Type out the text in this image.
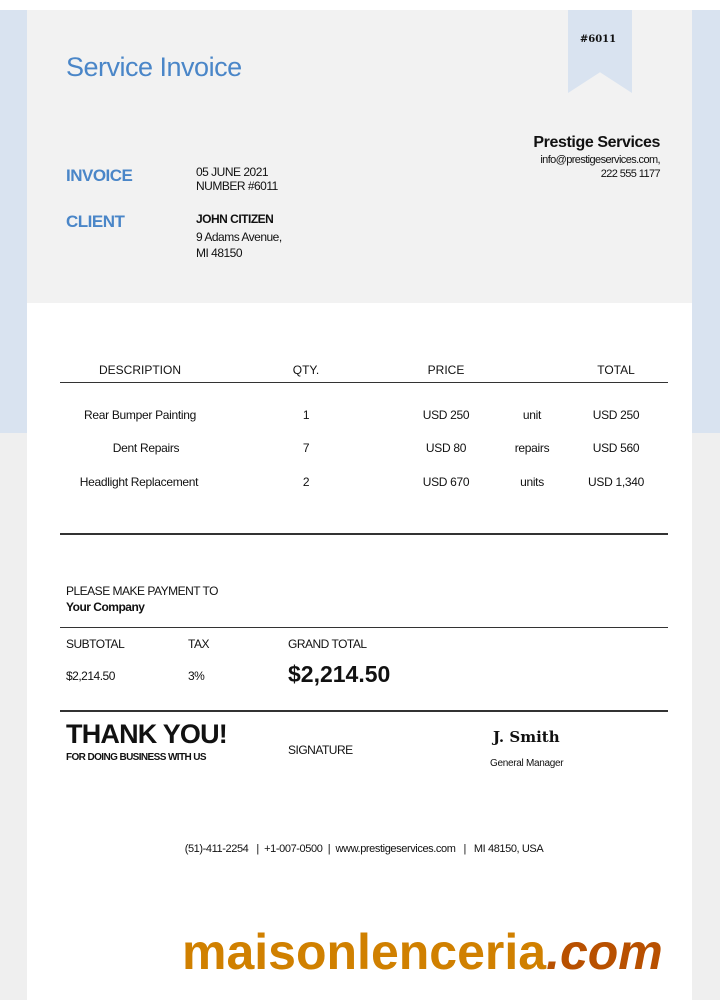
#6011
Service Invoice
Prestige Services
info@prestigeservices.com,
222 555 1177
INVOICE	05 JUNE 2021
NUMBER #6011
CLIENT	JOHN CITIZEN
9 Adams Avenue,
MI 48150
DESCRIPTION	QTY.	PRICE	TOTAL
Rear Bumper Painting	1	USD 250	unit	USD 250
Dent Repairs	7	USD 80	repairs	USD 560
Headlight Replacement	2	USD 670	units	USD 1,340
PLEASE MAKE PAYMENT TO
Your Company
SUBTOTAL	TAX	GRAND TOTAL
$2,214.50	3%	$2,214.50
THANK YOU!
FOR DOING BUSINESS WITH US
SIGNATURE
J. Smith
General Manager
(51)-411-2254   |  +1-007-0500  |  www.prestigeservices.com   |   MI 48150, USA
maisonlenceria.com
